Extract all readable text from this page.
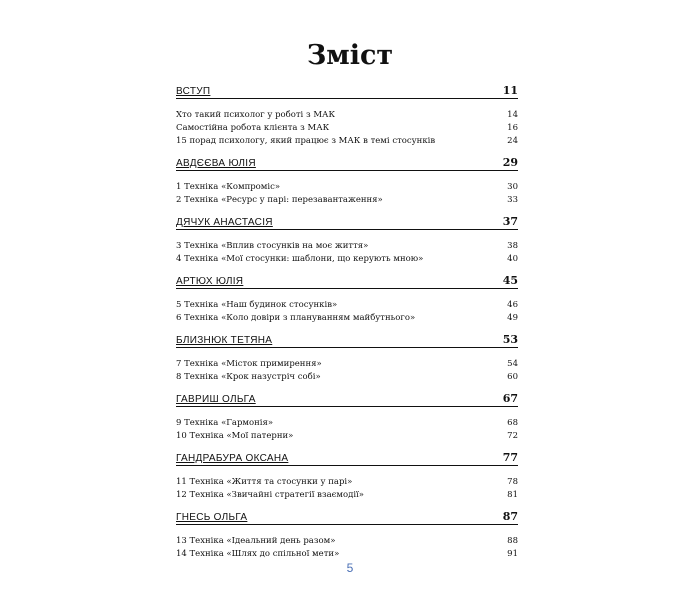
Зміст
ВСТУП	11
Хто такий психолог у роботі з МАК	14
Самостійна робота клієнта з МАК	16
15 порад психологу, який працює з МАК в темі стосунків	24
АВДЄЄВА ЮЛІЯ	29
1 Техніка «Компроміс»	30
2 Техніка «Ресурс у парі: перезавантаження»	33
ДЯЧУК АНАСТАСІЯ	37
3 Техніка «Вплив стосунків на моє життя»	38
4 Техніка «Мої стосунки: шаблони, що керують мною»	40
АРТЮХ ЮЛІЯ	45
5 Техніка «Наш будинок стосунків»	46
6 Техніка «Коло довіри з плануванням майбутнього»	49
БЛИЗНЮК ТЕТЯНА	53
7 Техніка «Місток примирення»	54
8 Техніка «Крок назустріч собі»	60
ГАВРИШ ОЛЬГА	67
9 Техніка «Гармонія»	68
10 Техніка «Мої патерни»	72
ГАНДРАБУРА ОКСАНА	77
11 Техніка «Життя та стосунки у парі»	78
12 Техніка «Звичайні стратегії взаємодії»	81
ГНЕСЬ ОЛЬГА	87
13 Техніка «Ідеальний день разом»	88
14 Техніка «Шлях до спільної мети»	91
5
